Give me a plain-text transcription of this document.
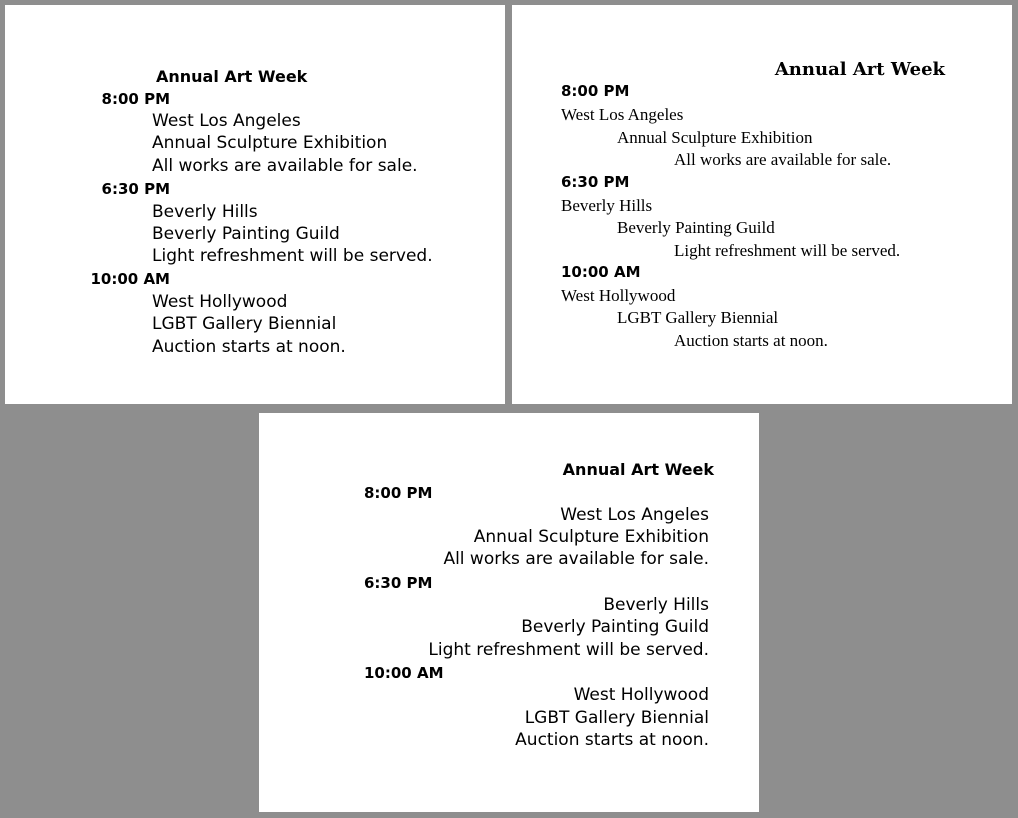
Annual Art Week
8:00 PM
West Los Angeles
Annual Sculpture Exhibition
All works are available for sale.
6:30 PM
Beverly Hills
Beverly Painting Guild
Light refreshment will be served.
10:00 AM
West Hollywood
LGBT Gallery Biennial
Auction starts at noon.
Annual Art Week
8:00 PM
West Los Angeles
Annual Sculpture Exhibition
All works are available for sale.
6:30 PM
Beverly Hills
Beverly Painting Guild
Light refreshment will be served.
10:00 AM
West Hollywood
LGBT Gallery Biennial
Auction starts at noon.
Annual Art Week
8:00 PM
West Los Angeles
Annual Sculpture Exhibition
All works are available for sale.
6:30 PM
Beverly Hills
Beverly Painting Guild
Light refreshment will be served.
10:00 AM
West Hollywood
LGBT Gallery Biennial
Auction starts at noon.
